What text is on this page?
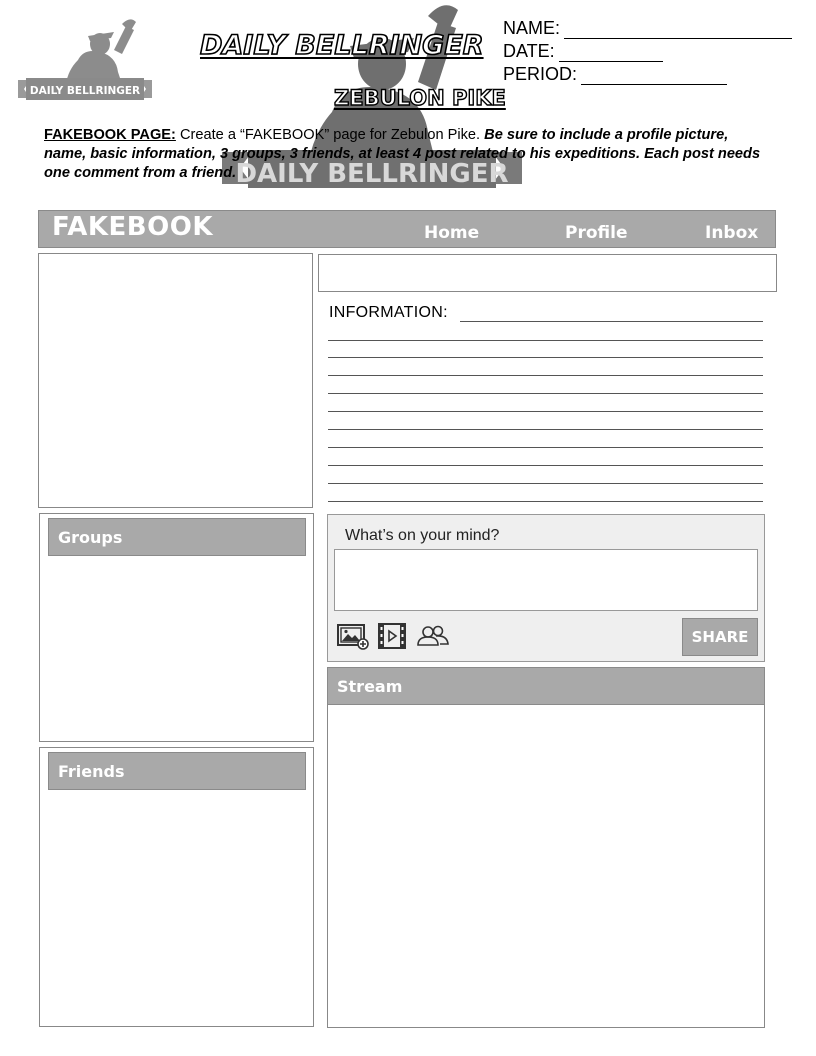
DAILY BELLRINGER
DAILY BELLRINGER
DAILY BELLRINGER
ZEBULON PIKE
NAME:
DATE:
PERIOD:
FAKEBOOK PAGE: Create a “FAKEBOOK” page for Zebulon Pike. Be sure to include a profile picture, name, basic information, 3 groups, 3 friends, at least 4 post related to his expeditions. Each post needs one comment from a friend.
FAKEBOOK	Home	Profile	Inbox
INFORMATION:
Groups
Friends
What’s on your mind?
SHARE
Stream
